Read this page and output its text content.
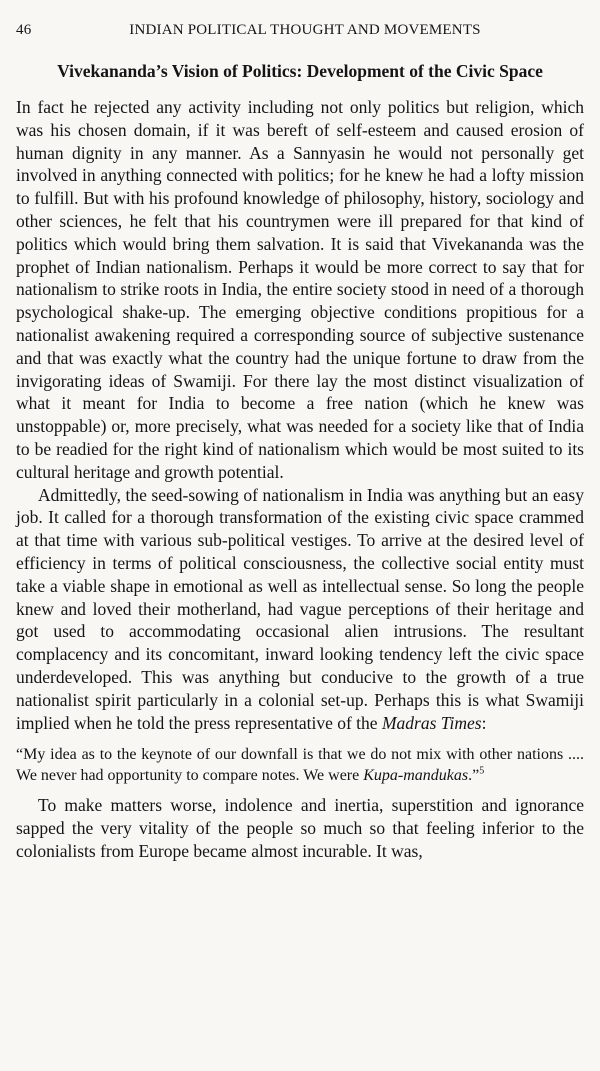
46	INDIAN POLITICAL THOUGHT AND MOVEMENTS
Vivekananda’s Vision of Politics: Development of the Civic Space

In fact he rejected any activity including not only politics but religion, which was his chosen domain, if it was bereft of self-esteem and caused erosion of human dignity in any manner. As a Sannyasin he would not personally get involved in anything connected with politics; for he knew he had a lofty mission to fulfill. But with his profound knowledge of philosophy, history, sociology and other sciences, he felt that his countrymen were ill prepared for that kind of politics which would bring them salvation. It is said that Vivekananda was the prophet of Indian nationalism. Perhaps it would be more correct to say that for nationalism to strike roots in India, the entire society stood in need of a thorough psychological shake-up. The emerging objective conditions propitious for a nationalist awakening required a corresponding source of subjective sustenance and that was exactly what the country had the unique fortune to draw from the invigorating ideas of Swamiji. For there lay the most distinct visualization of what it meant for India to become a free nation (which he knew was unstoppable) or, more precisely, what was needed for a society like that of India to be readied for the right kind of nationalism which would be most suited to its cultural heritage and growth potential.

Admittedly, the seed-sowing of nationalism in India was anything but an easy job. It called for a thorough transformation of the existing civic space crammed at that time with various sub-political vestiges. To arrive at the desired level of efficiency in terms of political consciousness, the collective social entity must take a viable shape in emotional as well as intellectual sense. So long the people knew and loved their motherland, had vague perceptions of their heritage and got used to accommodating occasional alien intrusions. The resultant complacency and its concomitant, inward looking tendency left the civic space underdeveloped. This was anything but conducive to the growth of a true nationalist spirit particularly in a colonial set-up. Perhaps this is what Swamiji implied when he told the press representative of the Madras Times:

“My idea as to the keynote of our downfall is that we do not mix with other nations .... We never had opportunity to compare notes. We were Kupa-mandukas.”$^5$

To make matters worse, indolence and inertia, superstition and ignorance sapped the very vitality of the people so much so that feeling inferior to the colonialists from Europe became almost incurable. It was,
